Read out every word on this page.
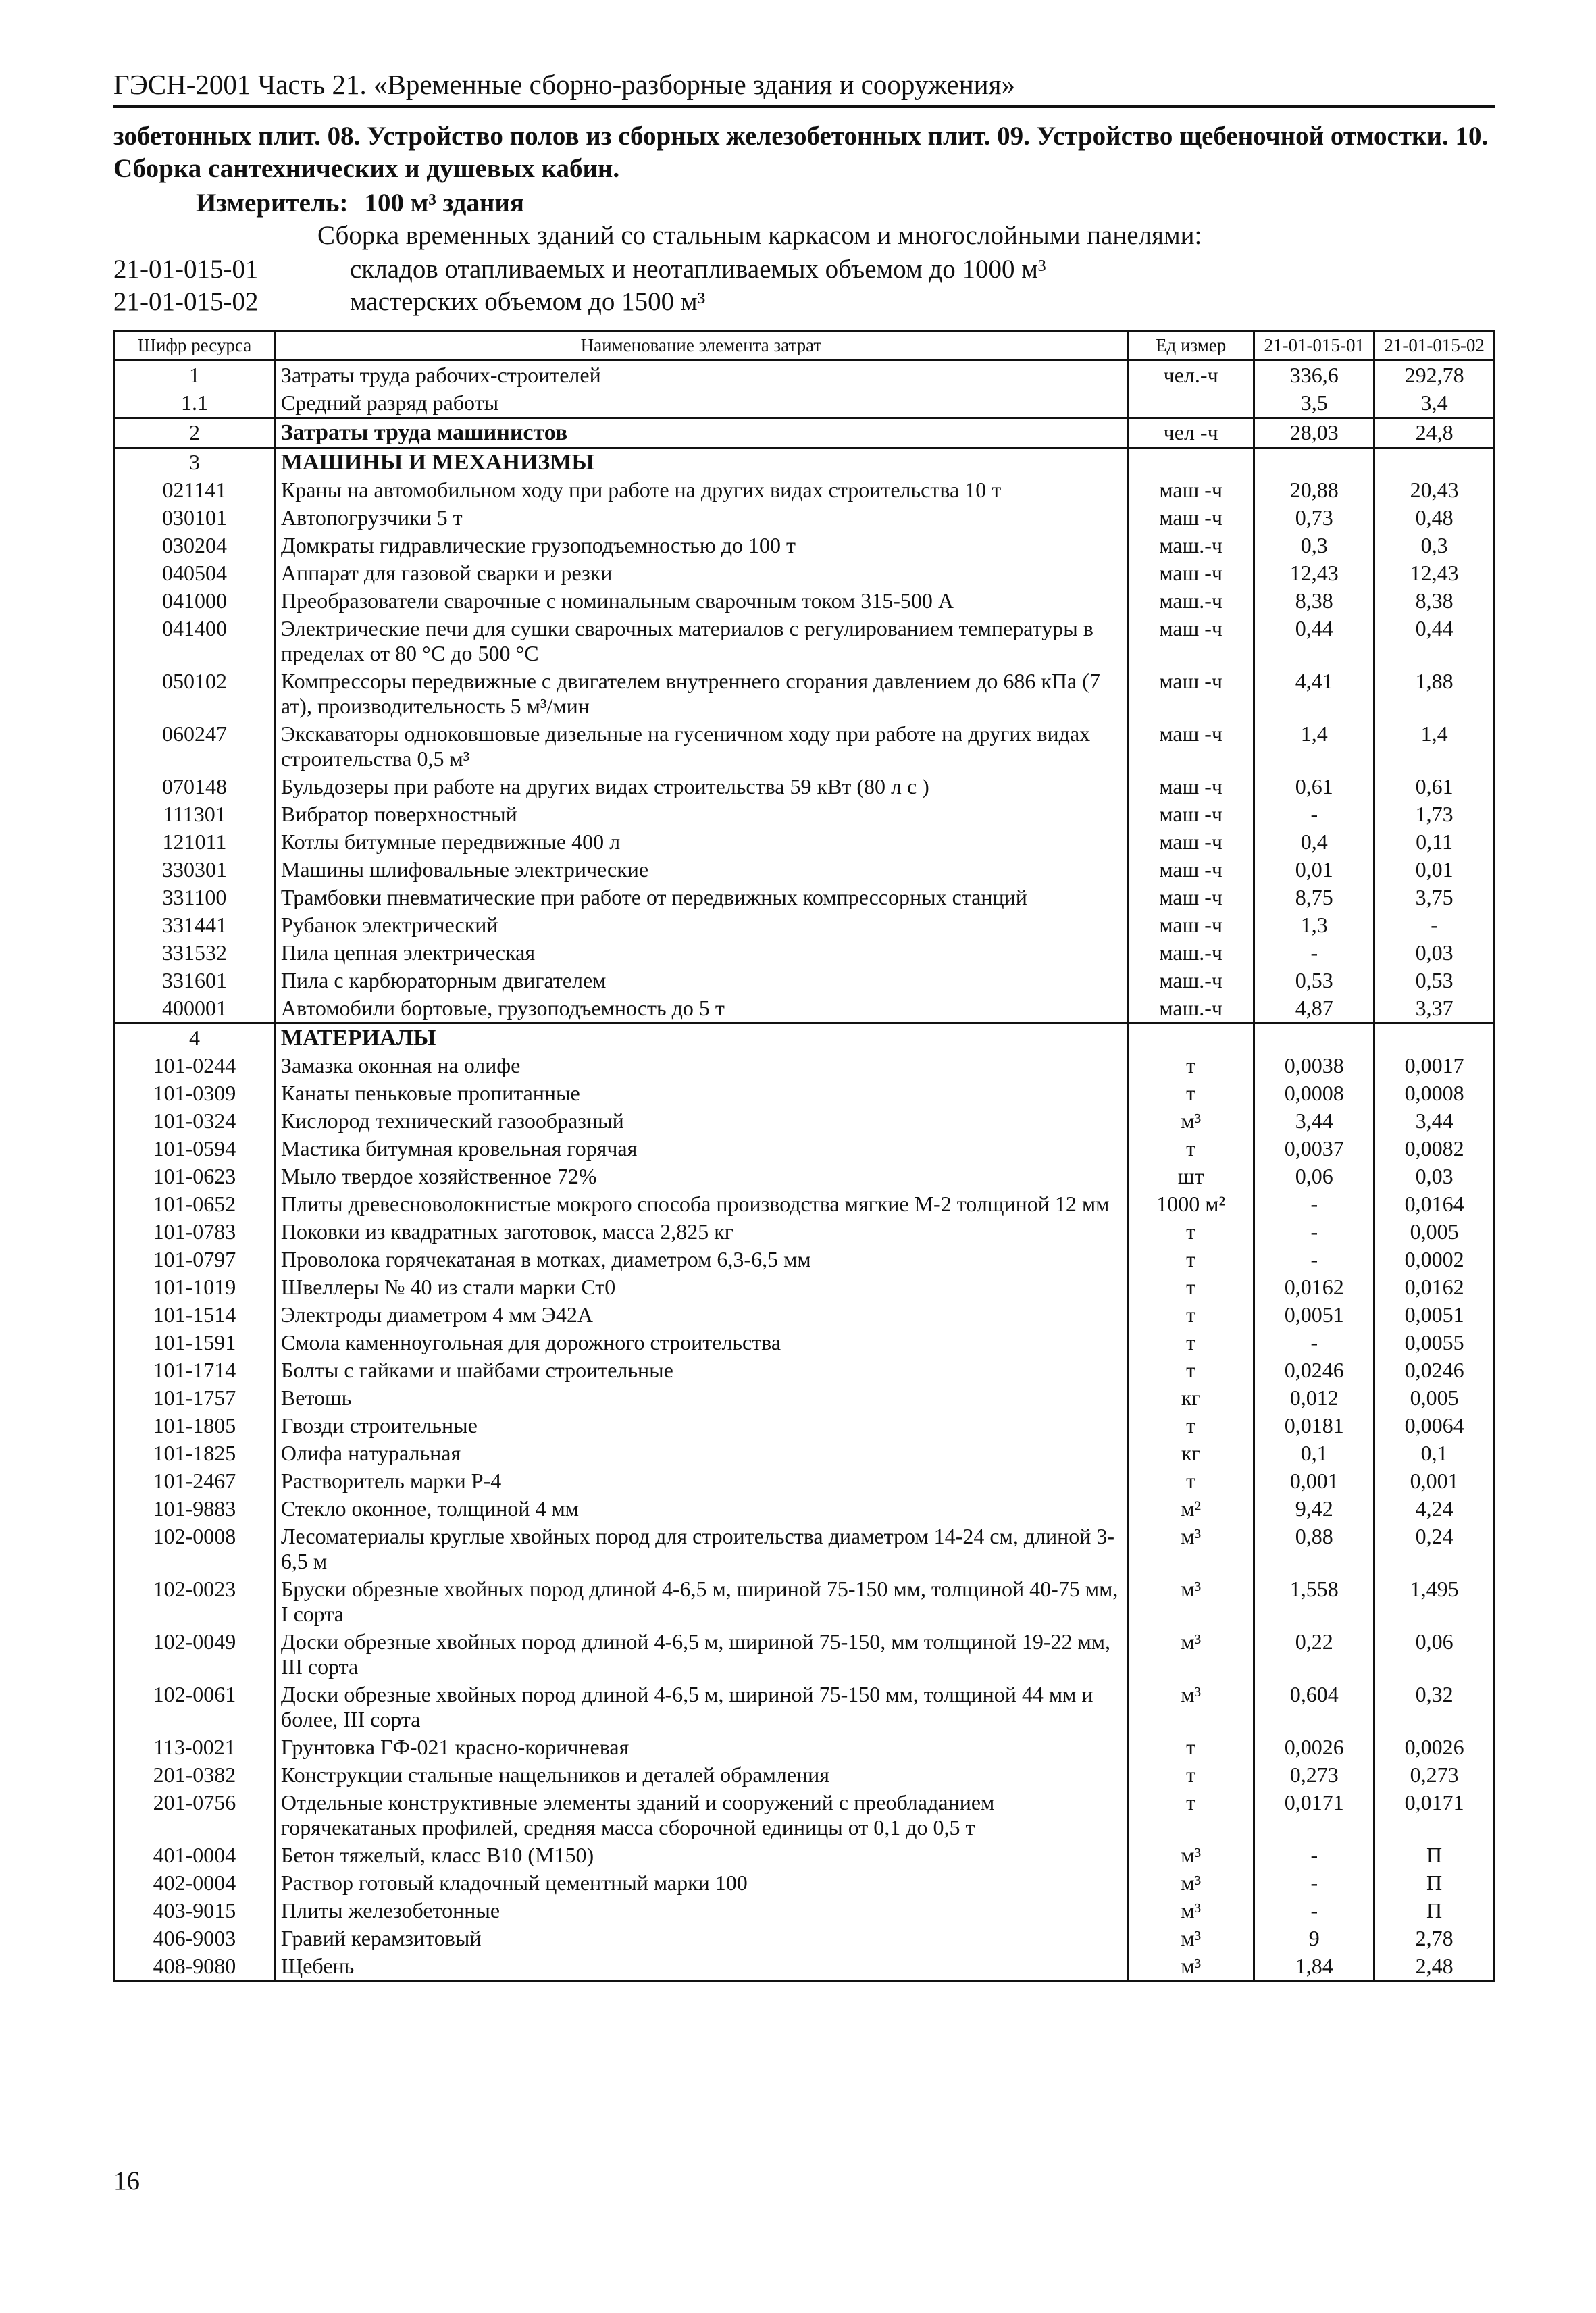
ГЭСН-2001 Часть 21. «Временные сборно-разборные здания и сооружения»
зобетонных плит. 08. Устройство полов из сборных железобетонных плит. 09. Устройство щебеночной отмостки. 10. Сборка сантехнических и душевых кабин.
Измеритель: 100 м³ здания
Сборка временных зданий со стальным каркасом и многослойными панелями:
21-01-015-01	складов отапливаемых и неотапливаемых объемом до 1000 м³
21-01-015-02	мастерских объемом до 1500 м³
Шифр ресурса	Наименование элемента затрат	Ед измер	21-01-015-01	21-01-015-02
1	Затраты труда рабочих-строителей	чел.-ч	336,6	292,78
1.1	Средний разряд работы		3,5	3,4
2	Затраты труда машинистов	чел -ч	28,03	24,8
3	МАШИНЫ И МЕХАНИЗМЫ			
021141	Краны на автомобильном ходу при работе на других видах строительства 10 т	маш -ч	20,88	20,43
030101	Автопогрузчики 5 т	маш -ч	0,73	0,48
030204	Домкраты гидравлические грузоподъемностью до 100 т	маш.-ч	0,3	0,3
040504	Аппарат для газовой сварки и резки	маш -ч	12,43	12,43
041000	Преобразователи сварочные с номинальным сварочным током 315-500 А	маш.-ч	8,38	8,38
041400	Электрические печи для сушки сварочных материалов с регулированием температуры в пределах от 80 °С до 500 °С	маш -ч	0,44	0,44
050102	Компрессоры передвижные с двигателем внутреннего сгорания давлением до 686 кПа (7 ат), производительность 5 м³/мин	маш -ч	4,41	1,88
060247	Экскаваторы одноковшовые дизельные на гусеничном ходу при работе на других видах строительства 0,5 м³	маш -ч	1,4	1,4
070148	Бульдозеры при работе на других видах строительства 59 кВт (80 л с )	маш -ч	0,61	0,61
111301	Вибратор поверхностный	маш -ч	-	1,73
121011	Котлы битумные передвижные 400 л	маш -ч	0,4	0,11
330301	Машины шлифовальные электрические	маш -ч	0,01	0,01
331100	Трамбовки пневматические при работе от передвижных компрессорных станций	маш -ч	8,75	3,75
331441	Рубанок электрический	маш -ч	1,3	-
331532	Пила цепная электрическая	маш.-ч	-	0,03
331601	Пила с карбюраторным двигателем	маш.-ч	0,53	0,53
400001	Автомобили бортовые, грузоподъемность до 5 т	маш.-ч	4,87	3,37
4	МАТЕРИАЛЫ			
101-0244	Замазка оконная на олифе	т	0,0038	0,0017
101-0309	Канаты пеньковые пропитанные	т	0,0008	0,0008
101-0324	Кислород технический газообразный	м³	3,44	3,44
101-0594	Мастика битумная кровельная горячая	т	0,0037	0,0082
101-0623	Мыло твердое хозяйственное 72%	шт	0,06	0,03
101-0652	Плиты древесноволокнистые мокрого способа производства мягкие М-2 толщиной 12 мм	1000 м²	-	0,0164
101-0783	Поковки из квадратных заготовок, масса 2,825 кг	т	-	0,005
101-0797	Проволока горячекатаная в мотках, диаметром 6,3-6,5 мм	т	-	0,0002
101-1019	Швеллеры № 40 из стали марки Ст0	т	0,0162	0,0162
101-1514	Электроды диаметром 4 мм Э42А	т	0,0051	0,0051
101-1591	Смола каменноугольная для дорожного строительства	т	-	0,0055
101-1714	Болты с гайками и шайбами строительные	т	0,0246	0,0246
101-1757	Ветошь	кг	0,012	0,005
101-1805	Гвозди строительные	т	0,0181	0,0064
101-1825	Олифа натуральная	кг	0,1	0,1
101-2467	Растворитель марки Р-4	т	0,001	0,001
101-9883	Стекло оконное, толщиной 4 мм	м²	9,42	4,24
102-0008	Лесоматериалы круглые хвойных пород для строительства диаметром 14-24 см, длиной 3-6,5 м	м³	0,88	0,24
102-0023	Бруски обрезные хвойных пород длиной 4-6,5 м, шириной 75-150 мм, толщиной 40-75 мм, I сорта	м³	1,558	1,495
102-0049	Доски обрезные хвойных пород длиной 4-6,5 м, шириной 75-150, мм толщиной 19-22 мм, III сорта	м³	0,22	0,06
102-0061	Доски обрезные хвойных пород длиной 4-6,5 м, шириной 75-150 мм, толщиной 44 мм и более, III сорта	м³	0,604	0,32
113-0021	Грунтовка ГФ-021 красно-коричневая	т	0,0026	0,0026
201-0382	Конструкции стальные нащельников и деталей обрамления	т	0,273	0,273
201-0756	Отдельные конструктивные элементы зданий и сооружений с преобладанием горячекатаных профилей, средняя масса сборочной единицы от 0,1 до 0,5 т	т	0,0171	0,0171
401-0004	Бетон тяжелый, класс В10 (М150)	м³	-	П
402-0004	Раствор готовый кладочный цементный марки 100	м³	-	П
403-9015	Плиты железобетонные	м³	-	П
406-9003	Гравий керамзитовый	м³	9	2,78
408-9080	Щебень	м³	1,84	2,48
16
